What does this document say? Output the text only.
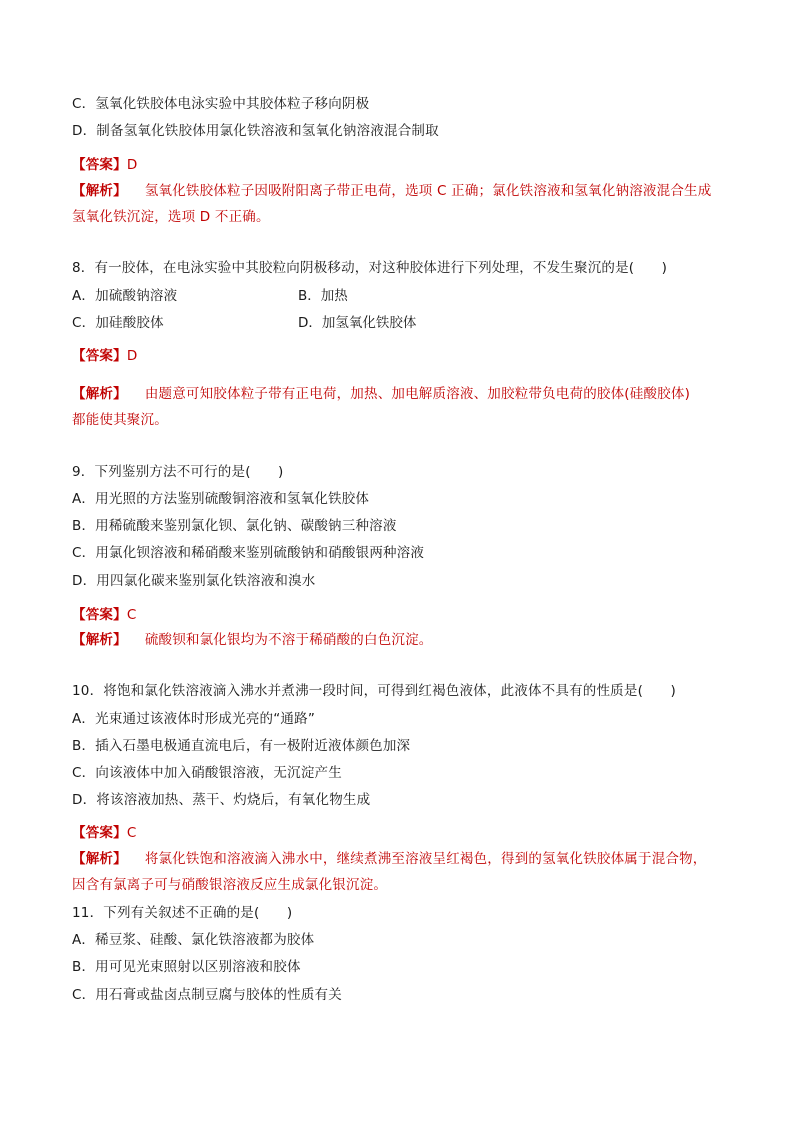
C．氢氧化铁胶体电泳实验中其胶体粒子移向阴极
D．制备氢氧化铁胶体用氯化铁溶液和氢氧化钠溶液混合制取
【答案】D
【解析】 氢氧化铁胶体粒子因吸附阳离子带正电荷，选项 C 正确；氯化铁溶液和氢氧化钠溶液混合生成
氢氧化铁沉淀，选项 D 不正确。
8．有一胶体，在电泳实验中其胶粒向阴极移动，对这种胶体进行下列处理，不发生聚沉的是(　　)
A．加硫酸钠溶液	B．加热
C．加硅酸胶体	D．加氢氧化铁胶体
【答案】D
【解析】 由题意可知胶体粒子带有正电荷，加热、加电解质溶液、加胶粒带负电荷的胶体(硅酸胶体)
都能使其聚沉。
9．下列鉴别方法不可行的是(　　)
A．用光照的方法鉴别硫酸铜溶液和氢氧化铁胶体
B．用稀硫酸来鉴别氯化钡、氯化钠、碳酸钠三种溶液
C．用氯化钡溶液和稀硝酸来鉴别硫酸钠和硝酸银两种溶液
D．用四氯化碳来鉴别氯化铁溶液和溴水
【答案】C
【解析】 硫酸钡和氯化银均为不溶于稀硝酸的白色沉淀。
10．将饱和氯化铁溶液滴入沸水并煮沸一段时间，可得到红褐色液体，此液体不具有的性质是(　　)
A．光束通过该液体时形成光亮的“通路”
B．插入石墨电极通直流电后，有一极附近液体颜色加深
C．向该液体中加入硝酸银溶液，无沉淀产生
D．将该溶液加热、蒸干、灼烧后，有氧化物生成
【答案】C
【解析】 将氯化铁饱和溶液滴入沸水中，继续煮沸至溶液呈红褐色，得到的氢氧化铁胶体属于混合物，
因含有氯离子可与硝酸银溶液反应生成氯化银沉淀。
11．下列有关叙述不正确的是(　　)
A．稀豆浆、硅酸、氯化铁溶液都为胶体
B．用可见光束照射以区别溶液和胶体
C．用石膏或盐卤点制豆腐与胶体的性质有关
